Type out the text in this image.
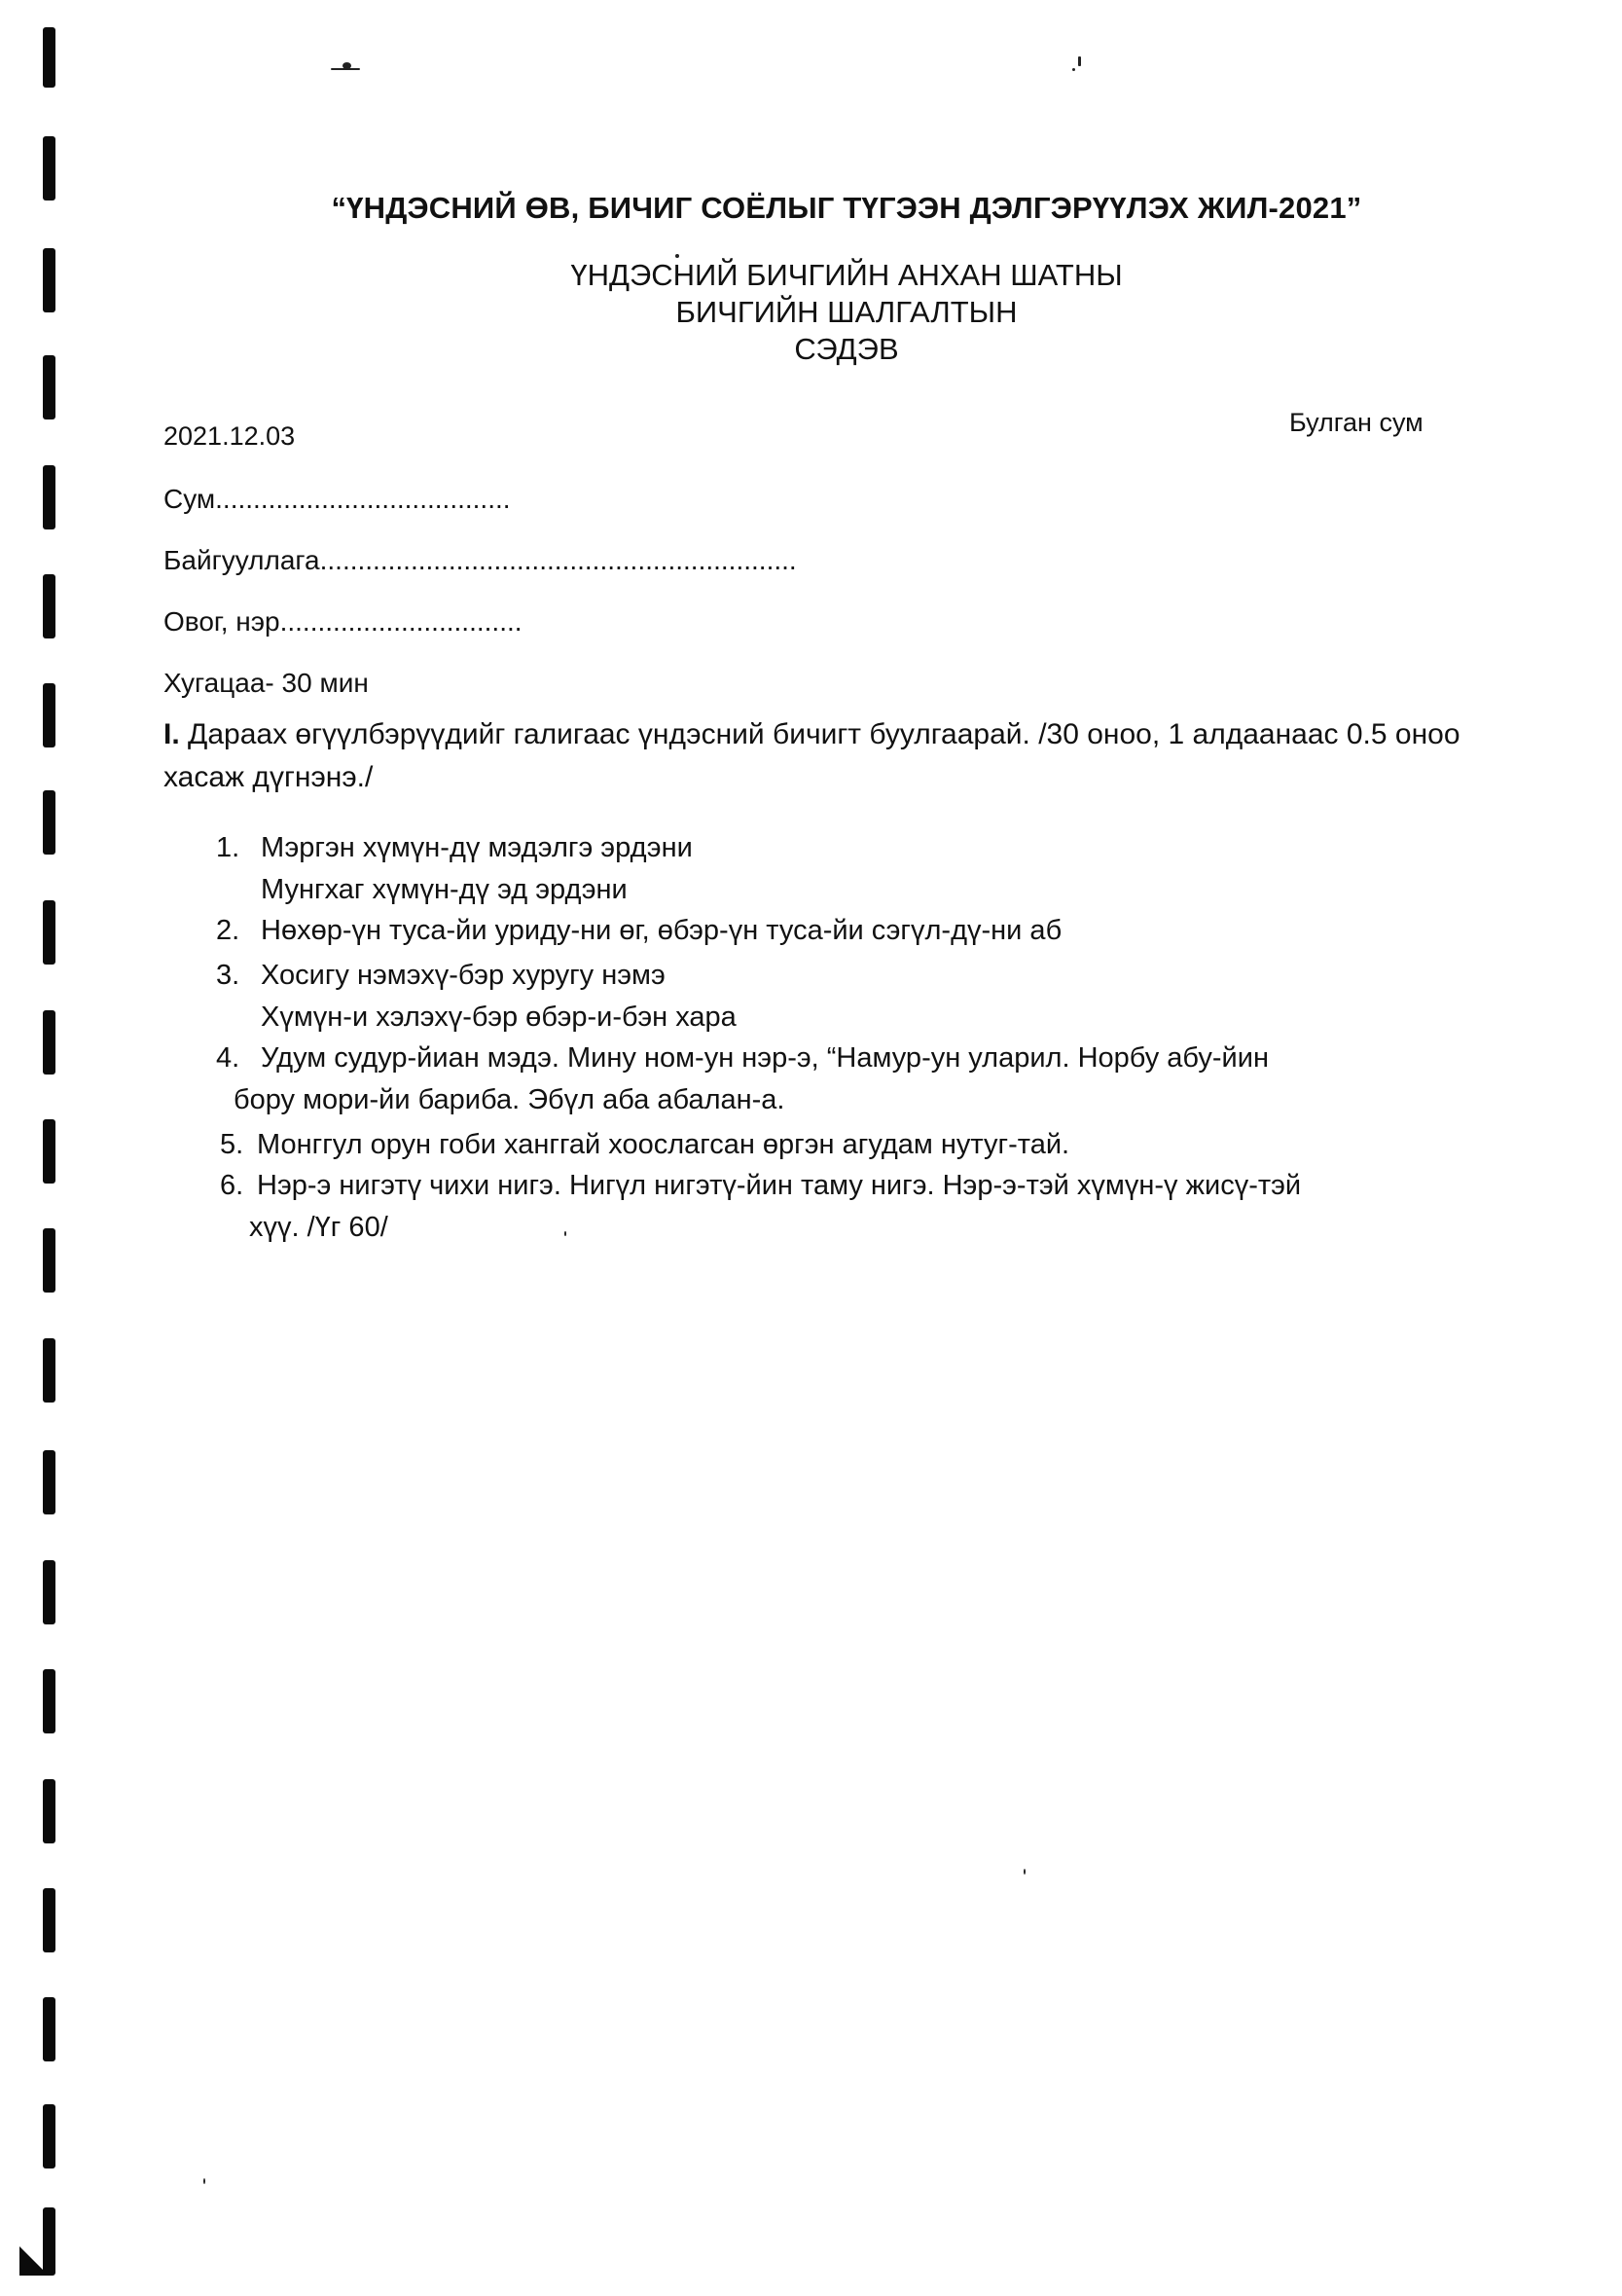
“ҮНДЭСНИЙ ӨВ, БИЧИГ СОЁЛЫГ ТҮГЭЭН ДЭЛГЭРҮҮЛЭХ ЖИЛ-2021”
ҮНДЭСНИЙ БИЧГИЙН АНХАН ШАТНЫ
БИЧГИЙН ШАЛГАЛТЫН
СЭДЭВ
2021.12.03	Булган сум
Сум.......................................
Байгууллага...............................................................
Овог, нэр................................
Хугацаа- 30 мин
I. Дараах өгүүлбэрүүдийг галигаас үндэсний бичигт буулгаарай. /30 оноо, 1 алдаанаас 0.5 оноо хасаж дүгнэнэ./
1. Мэргэн хүмүн-дү мэдэлгэ эрдэни
Мунгхаг хүмүн-дү эд эрдэни
2. Нөхөр-үн туса-йи уриду-ни өг, өбэр-үн туса-йи сэгүл-дү-ни аб
3. Хосигу нэмэхү-бэр хуругу нэмэ
Хүмүн-и хэлэхү-бэр өбэр-и-бэн хара
4. Удум судур-йиан мэдэ. Мину ном-ун нэр-э, “Намур-ун уларил. Норбу абу-йин
бору мори-йи бариба. Эбүл аба абалан-а.
5. Монггул орун гоби ханггай хооcлагсан өргэн агудам нутуг-тай.
6. Нэр-э нигэтү чихи нигэ. Нигүл нигэтү-йин таму нигэ. Нэр-э-тэй хүмүн-ү жисү-тэй
хүү. /Үг 60/
